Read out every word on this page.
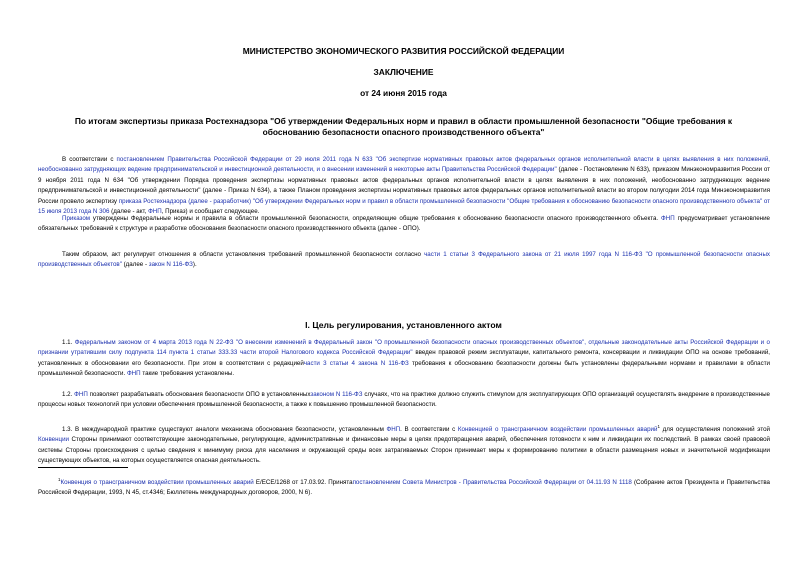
МИНИСТЕРСТВО ЭКОНОМИЧЕСКОГО РАЗВИТИЯ РОССИЙСКОЙ ФЕДЕРАЦИИ
ЗАКЛЮЧЕНИЕ
от 24 июня 2015 года
По итогам экспертизы приказа Ростехнадзора "Об утверждении Федеральных норм и правил в области промышленной безопасности "Общие требования к обоснованию безопасности опасного производственного объекта"
В соответствии с постановлением Правительства Российской Федерации от 29 июля 2011 года N 633 "Об экспертизе нормативных правовых актов федеральных органов исполнительной власти в целях выявления в них положений, необоснованно затрудняющих ведение предпринимательской и инвестиционной деятельности, и о внесении изменений в некоторые акты Правительства Российской Федерации" (далее - Постановление N 633), приказом Минэкономразвития России от 9 ноября 2011 года N 634 "Об утверждении Порядка проведения экспертизы нормативных правовых актов федеральных органов исполнительной власти в целях выявления в них положений, необоснованно затрудняющих ведение предпринимательской и инвестиционной деятельности" (далее - Приказ N 634), а также Планом проведения экспертизы нормативных правовых актов федеральных органов исполнительной власти во втором полугодии 2014 года Минэкономразвития России провело экспертизу приказа Ростехнадзора (далее - разработчик) "Об утверждении Федеральных норм и правил в области промышленной безопасности "Общие требования к обоснованию безопасности опасного производственного объекта" от 15 июля 2013 года N 306 (далее - акт, ФНП, Приказ) и сообщает следующее.
Приказом утверждены Федеральные нормы и правила в области промышленной безопасности, определяющие общие требования к обоснованию безопасности опасного производственного объекта. ФНП предусматривает установление обязательных требований к структуре и разработке обоснования безопасности опасного производственного объекта (далее - ОПО).
Таким образом, акт регулирует отношения в области установления требований промышленной безопасности согласно части 1 статьи 3 Федерального закона от 21 июля 1997 года N 116-ФЗ "О промышленной безопасности опасных производственных объектов" (далее - закон N 116-ФЗ).
I. Цель регулирования, установленного актом
1.1. Федеральным законом от 4 марта 2013 года N 22-ФЗ "О внесении изменений в Федеральный закон "О промышленной безопасности опасных производственных объектов", отдельные законодательные акты Российской Федерации и о признании утратившим силу подпункта 114 пункта 1 статьи 333.33 части второй Налогового кодекса Российской Федерации" введен правовой режим эксплуатации, капитального ремонта, консервации и ликвидации ОПО на основе требований, установленных в обосновании его безопасности. При этом в соответствии с редакциейчасти 3 статьи 4 закона N 116-ФЗ требования к обоснованию безопасности должны быть установлены федеральными нормами и правилами в области промышленной безопасности. ФНП такие требования установлены.
1.2. ФНП позволяет разрабатывать обоснования безопасности ОПО в установленныхзаконом N 116-ФЗ случаях, что на практике должно служить стимулом для эксплуатирующих ОПО организаций осуществлять внедрение в производственные процессы новых технологий при условии обеспечения промышленной безопасности, а также к повышению промышленной безопасности.
1.3. В международной практике существуют аналоги механизма обоснования безопасности, установленным ФНП. В соответствии с Конвенцией о трансграничном воздействии промышленных аварий$^1$ для осуществления положений этой Конвенции Стороны принимают соответствующие законодательные, регулирующие, административные и финансовые меры в целях предотвращения аварий, обеспечения готовности к ним и ликвидации их последствий. В рамках своей правовой системы Стороны происхождения с целью сведения к минимуму риска для населения и окружающей среды всех затрагиваемых Сторон принимает меры к формированию политики в области размещения новых и значительной модификации существующих объектов, на которых осуществляется опасная деятельность.
$^1$Конвенция о трансграничном воздействии промышленных аварий E/ECE/1268 от 17.03.92. Принятапостановлением Совета Министров - Правительства Российской Федерации от 04.11.93 N 1118 (Собрание актов Президента и Правительства Российской Федерации, 1993, N 45, ст.4346; Бюллетень международных договоров, 2000, N 6).
